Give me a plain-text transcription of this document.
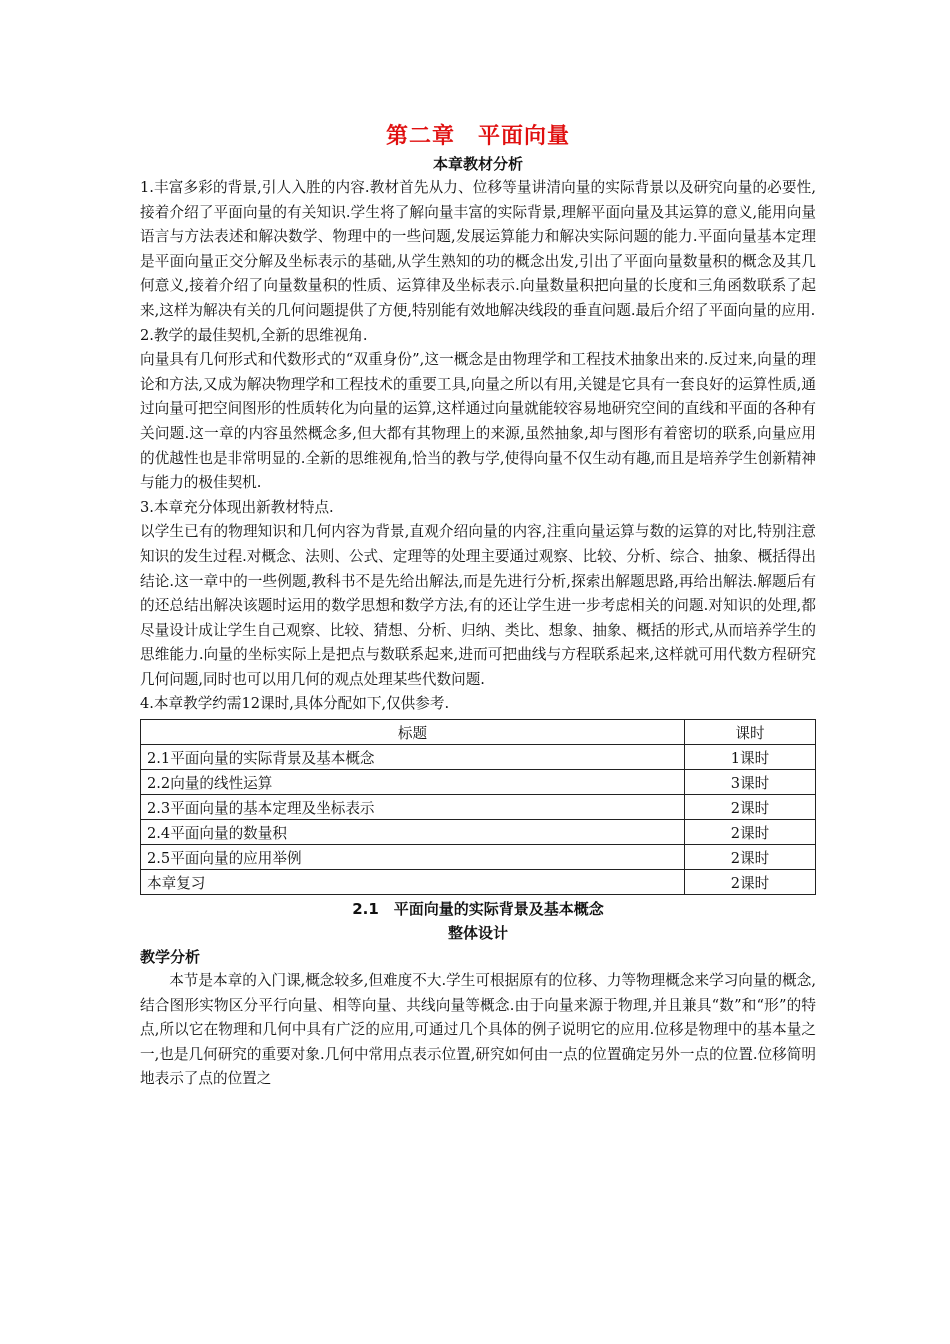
第二章　平面向量
本章教材分析

1.丰富多彩的背景,引人入胜的内容.教材首先从力、位移等量讲清向量的实际背景以及研究向量的必要性,接着介绍了平面向量的有关知识.学生将了解向量丰富的实际背景,理解平面向量及其运算的意义,能用向量语言与方法表述和解决数学、物理中的一些问题,发展运算能力和解决实际问题的能力.平面向量基本定理是平面向量正交分解及坐标表示的基础,从学生熟知的功的概念出发,引出了平面向量数量积的概念及其几何意义,接着介绍了向量数量积的性质、运算律及坐标表示.向量数量积把向量的长度和三角函数联系了起来,这样为解决有关的几何问题提供了方便,特别能有效地解决线段的垂直问题.最后介绍了平面向量的应用.

2.教学的最佳契机,全新的思维视角.

向量具有几何形式和代数形式的“双重身份”,这一概念是由物理学和工程技术抽象出来的.反过来,向量的理论和方法,又成为解决物理学和工程技术的重要工具,向量之所以有用,关键是它具有一套良好的运算性质,通过向量可把空间图形的性质转化为向量的运算,这样通过向量就能较容易地研究空间的直线和平面的各种有关问题.这一章的内容虽然概念多,但大都有其物理上的来源,虽然抽象,却与图形有着密切的联系,向量应用的优越性也是非常明显的.全新的思维视角,恰当的教与学,使得向量不仅生动有趣,而且是培养学生创新精神与能力的极佳契机.

3.本章充分体现出新教材特点.

以学生已有的物理知识和几何内容为背景,直观介绍向量的内容,注重向量运算与数的运算的对比,特别注意知识的发生过程.对概念、法则、公式、定理等的处理主要通过观察、比较、分析、综合、抽象、概括得出结论.这一章中的一些例题,教科书不是先给出解法,而是先进行分析,探索出解题思路,再给出解法.解题后有的还总结出解决该题时运用的数学思想和数学方法,有的还让学生进一步考虑相关的问题.对知识的处理,都尽量设计成让学生自己观察、比较、猜想、分析、归纳、类比、想象、抽象、概括的形式,从而培养学生的思维能力.向量的坐标实际上是把点与数联系起来,进而可把曲线与方程联系起来,这样就可用代数方程研究几何问题,同时也可以用几何的观点处理某些代数问题.

4.本章教学约需12课时,具体分配如下,仅供参考.

标题	课时
2.1平面向量的实际背景及基本概念	1课时
2.2向量的线性运算	3课时
2.3平面向量的基本定理及坐标表示	2课时
2.4平面向量的数量积	2课时
2.5平面向量的应用举例	2课时
本章复习	2课时
2.1　平面向量的实际背景及基本概念
整体设计
教学分析

本节是本章的入门课,概念较多,但难度不大.学生可根据原有的位移、力等物理概念来学习向量的概念,结合图形实物区分平行向量、相等向量、共线向量等概念.由于向量来源于物理,并且兼具“数”和“形”的特点,所以它在物理和几何中具有广泛的应用,可通过几个具体的例子说明它的应用.位移是物理中的基本量之一,也是几何研究的重要对象.几何中常用点表示位置,研究如何由一点的位置确定另外一点的位置.位移简明地表示了点的位置之
